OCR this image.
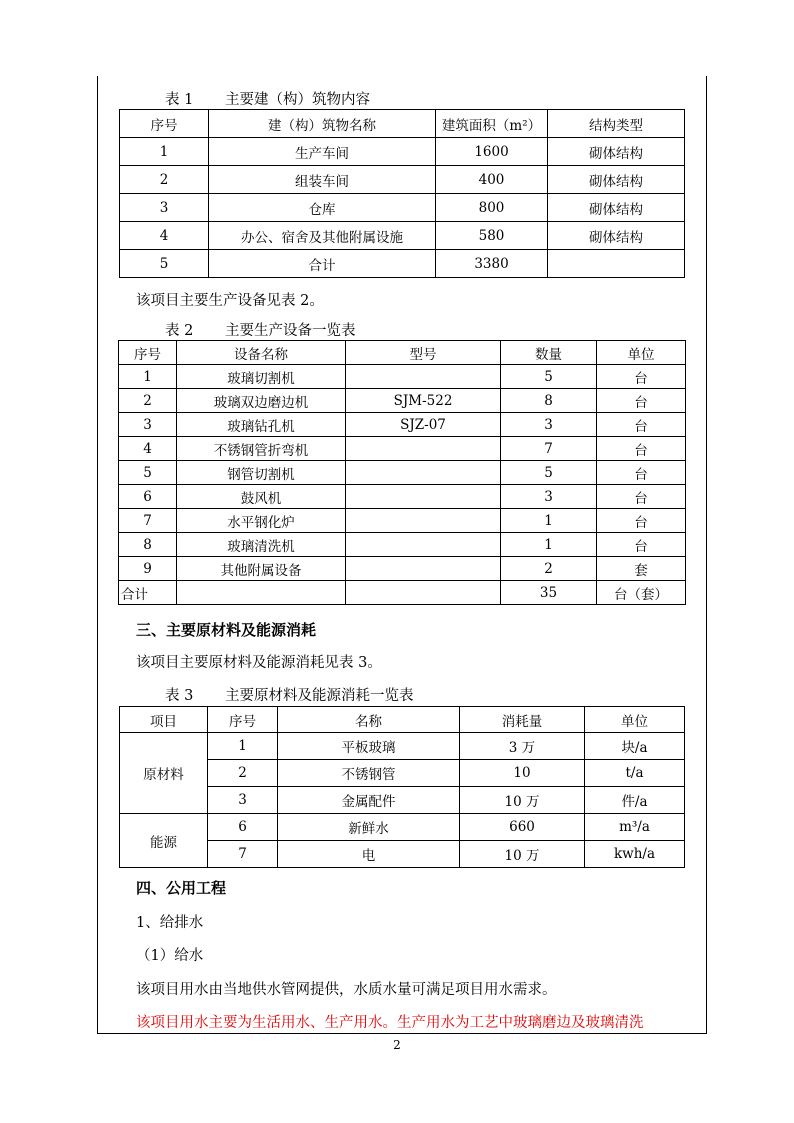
表 1 主要建（构）筑物内容
序号	建（构）筑物名称	建筑面积（m²）	结构类型
1	生产车间	1600	砌体结构
2	组装车间	400	砌体结构
3	仓库	800	砌体结构
4	办公、宿舍及其他附属设施	580	砌体结构
5	合计	3380	
该项目主要生产设备见表 2。
表 2 主要生产设备一览表
序号	设备名称	型号	数量	单位
1	玻璃切割机		5	台
2	玻璃双边磨边机	SJM-522	8	台
3	玻璃钻孔机	SJZ-07	3	台
4	不锈钢管折弯机		7	台
5	钢管切割机		5	台
6	鼓风机		3	台
7	水平钢化炉		1	台
8	玻璃清洗机		1	台
9	其他附属设备		2	套
合计			35	台（套）
三、主要原材料及能源消耗
该项目主要原材料及能源消耗见表 3。
表 3 主要原材料及能源消耗一览表
项目	序号	名称	消耗量	单位
原材料	1	平板玻璃	3 万	块/a
	2	不锈钢管	10	t/a
	3	金属配件	10 万	件/a
能源	6	新鲜水	660	m³/a
	7	电	10 万	kwh/a
四、公用工程
1、给排水
（1）给水
该项目用水由当地供水管网提供，水质水量可满足项目用水需求。
该项目用水主要为生活用水、生产用水。生产用水为工艺中玻璃磨边及玻璃清洗
2
